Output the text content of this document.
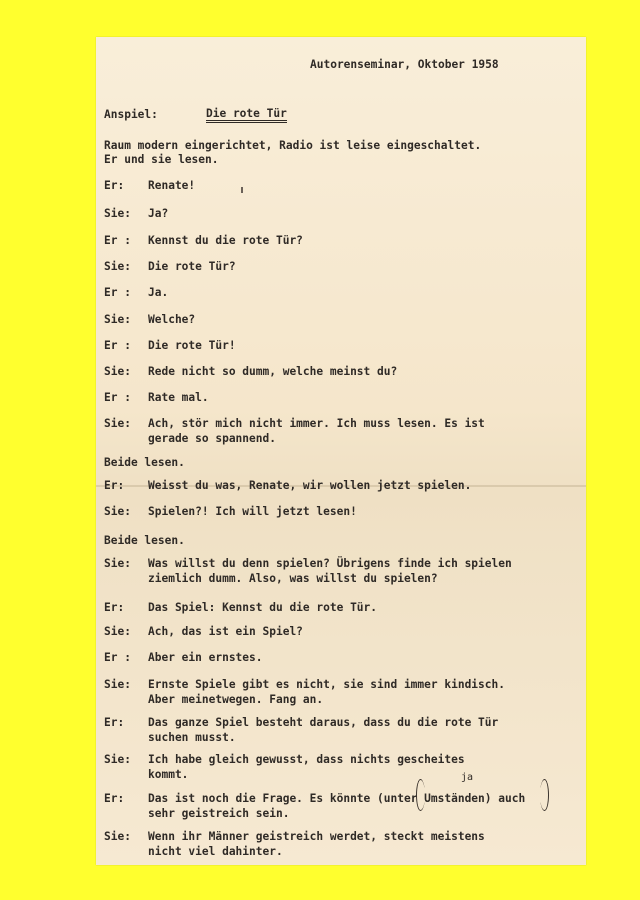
Autorenseminar, Oktober 1958
Anspiel:	Die rote Tür
Raum modern eingerichtet, Radio ist leise eingeschaltet.
Er und sie lesen.
Er: Renate!
Sie: Ja?
Er : Kennst du die rote Tür?
Sie: Die rote Tür?
Er : Ja.
Sie: Welche?
Er : Die rote Tür!
Sie: Rede nicht so dumm, welche meinst du?
Er : Rate mal.
Sie: Ach, stör mich nicht immer. Ich muss lesen. Es ist
gerade so spannend.
Beide lesen.
Er: Weisst du was, Renate, wir wollen jetzt spielen.
Sie: Spielen?! Ich will jetzt lesen!
Beide lesen.
Sie: Was willst du denn spielen? Übrigens finde ich spielen
ziemlich dumm. Also, was willst du spielen?
Er: Das Spiel: Kennst du die rote Tür.
Sie: Ach, das ist ein Spiel?
Er : Aber ein ernstes.
Sie: Ernste Spiele gibt es nicht, sie sind immer kindisch.
Aber meinetwegen. Fang an.
Er: Das ganze Spiel besteht daraus, dass du die rote Tür
suchen musst.
Sie: Ich habe gleich gewusst, dass nichts gescheites
kommt.
Er: Das ist noch die Frage. Es könnte (unter Umständen) auch
sehr geistreich sein.
Sie: Wenn ihr Männer geistreich werdet, steckt meistens
nicht viel dahinter.
ja
